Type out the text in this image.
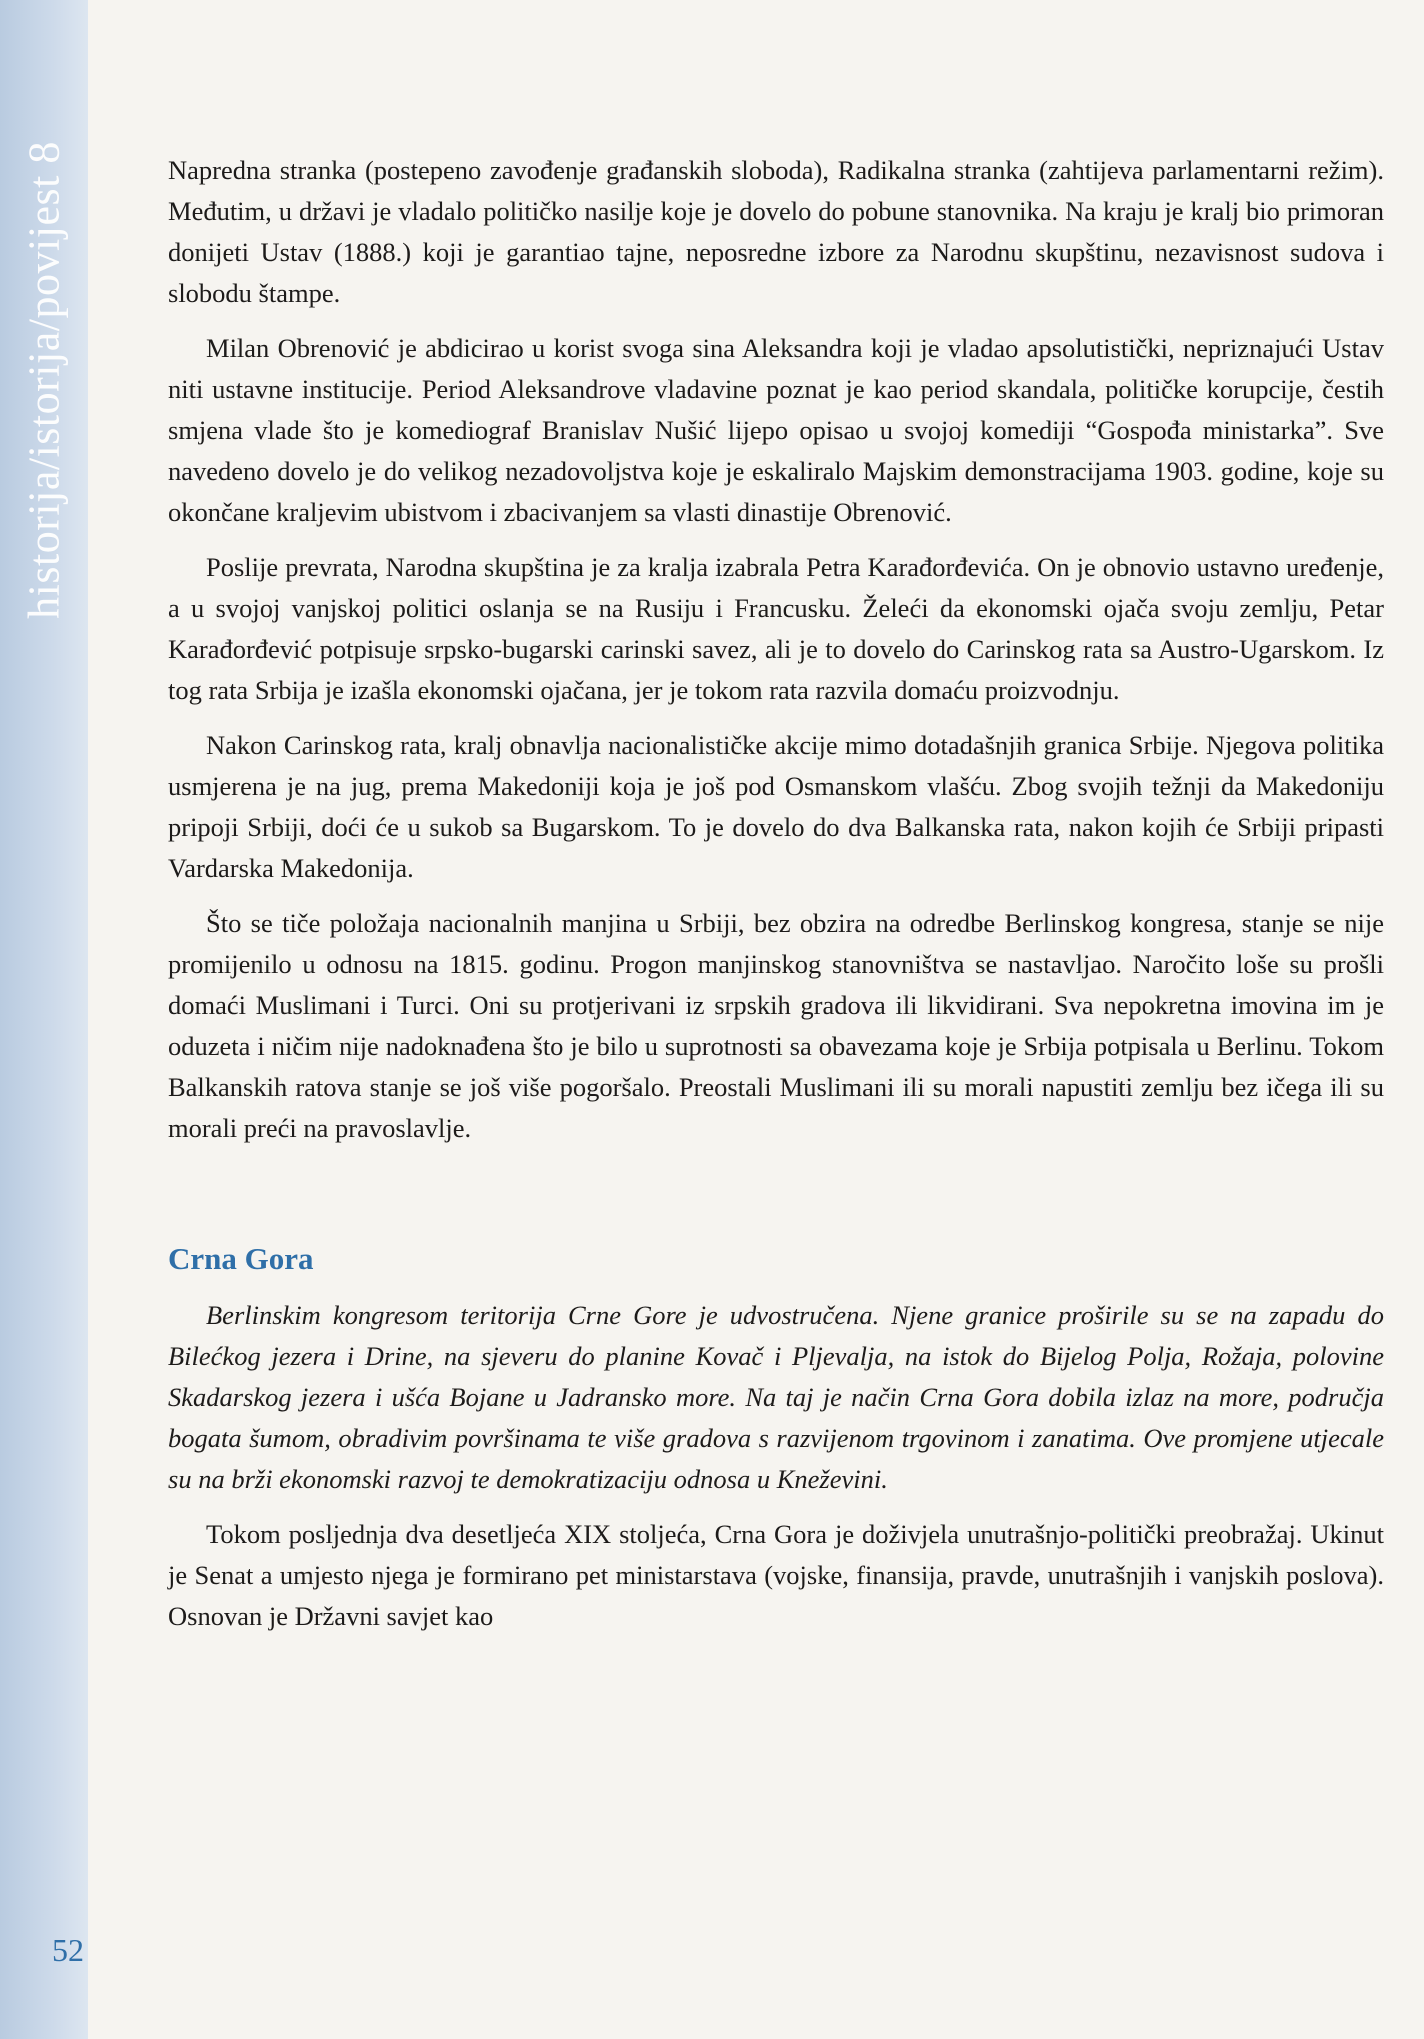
historija/istorija/povijest 8
52

Napredna stranka (postepeno zavođenje građanskih sloboda), Radikalna stranka (zahtijeva parlamentarni režim). Međutim, u državi je vladalo političko nasilje koje je dovelo do pobune stanovnika. Na kraju je kralj bio primoran donijeti Ustav (1888.) koji je garantiao tajne, neposredne izbore za Narodnu skupštinu, nezavisnost sudova i slobodu štampe.

Milan Obrenović je abdicirao u korist svoga sina Aleksandra koji je vladao apsolutistički, nepriznajući Ustav niti ustavne institucije. Period Aleksandrove vladavine poznat je kao period skandala, političke korupcije, čestih smjena vlade što je komediograf Branislav Nušić lijepo opisao u svojoj komediji “Gospođa ministarka”. Sve navedeno dovelo je do velikog nezadovoljstva koje je eskaliralo Majskim demonstracijama 1903. godine, koje su okončane kraljevim ubistvom i zbacivanjem sa vlasti dinastije Obrenović.

Poslije prevrata, Narodna skupština je za kralja izabrala Petra Karađorđevića. On je obnovio ustavno uređenje, a u svojoj vanjskoj politici oslanja se na Rusiju i Francusku. Želeći da ekonomski ojača svoju zemlju, Petar Karađorđević potpisuje srpsko-bugarski carinski savez, ali je to dovelo do Carinskog rata sa Austro-Ugarskom. Iz tog rata Srbija je izašla ekonomski ojačana, jer je tokom rata razvila domaću proizvodnju.

Nakon Carinskog rata, kralj obnavlja nacionalističke akcije mimo dotadašnjih granica Srbije. Njegova politika usmjerena je na jug, prema Makedoniji koja je još pod Osmanskom vlašću. Zbog svojih težnji da Makedoniju pripoji Srbiji, doći će u sukob sa Bugarskom. To je dovelo do dva Balkanska rata, nakon kojih će Srbiji pripasti Vardarska Makedonija.

Što se tiče položaja nacionalnih manjina u Srbiji, bez obzira na odredbe Berlinskog kongresa, stanje se nije promijenilo u odnosu na 1815. godinu. Progon manjinskog stanovništva se nastavljao. Naročito loše su prošli domaći Muslimani i Turci. Oni su protjerivani iz srpskih gradova ili likvidirani. Sva nepokretna imovina im je oduzeta i ničim nije nadoknađena što je bilo u suprotnosti sa obavezama koje je Srbija potpisala u Berlinu. Tokom Balkanskih ratova stanje se još više pogoršalo. Preostali Muslimani ili su morali napustiti zemlju bez ičega ili su morali preći na pravoslavlje.

Crna Gora

Berlinskim kongresom teritorija Crne Gore je udvostručena. Njene granice proširile su se na zapadu do Bilećkog jezera i Drine, na sjeveru do planine Kovač i Pljevalja, na istok do Bijelog Polja, Rožaja, polovine Skadarskog jezera i ušća Bojane u Jadransko more. Na taj je način Crna Gora dobila izlaz na more, područja bogata šumom, obradivim površinama te više gradova s razvijenom trgovinom i zanatima. Ove promjene utjecale su na brži ekonomski razvoj te demokratizaciju odnosa u Kneževini.

Tokom posljednja dva desetljeća XIX stoljeća, Crna Gora je doživjela unutrašnjo-politički preobražaj. Ukinut je Senat a umjesto njega je formirano pet ministarstava (vojske, finansija, pravde, unutrašnjih i vanjskih poslova). Osnovan je Državni savjet kao
